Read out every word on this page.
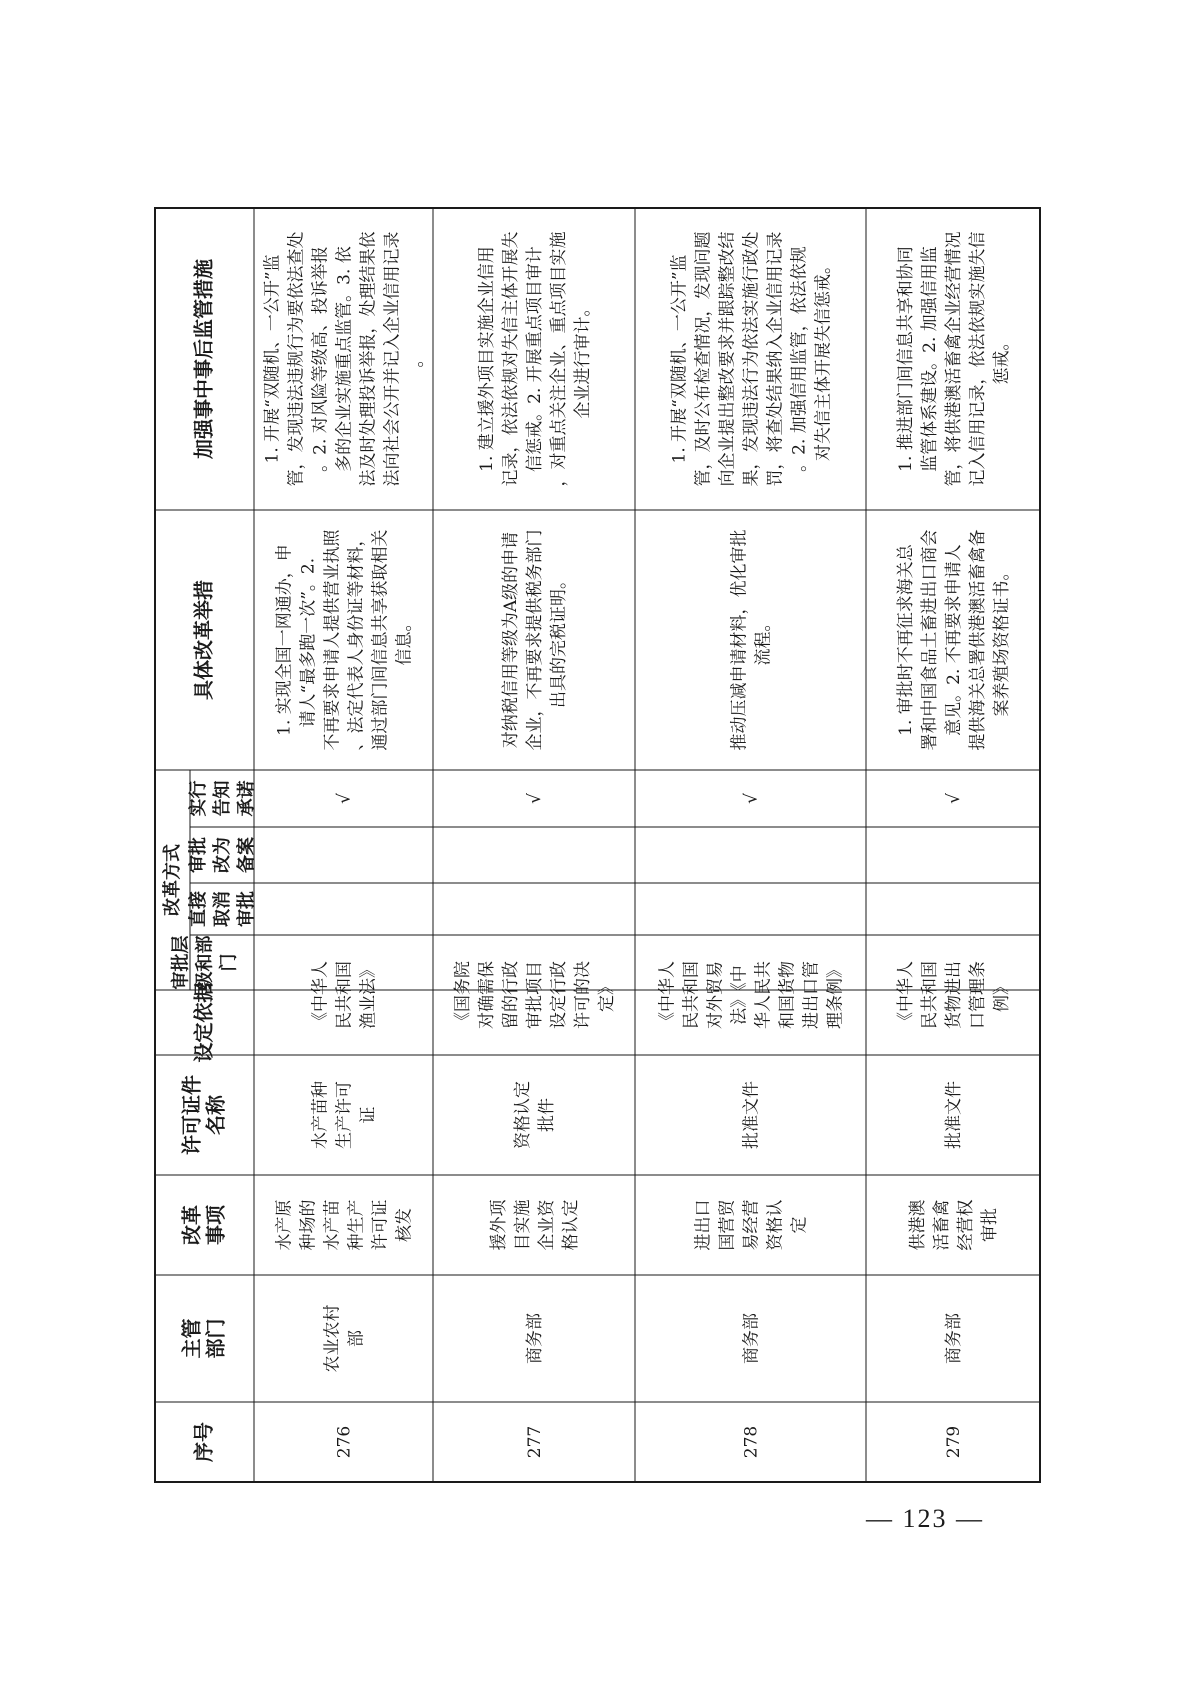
序号
主管部门
改革事项
许可证件名称
设定依据
审批层 级和部 门
改革方式 直接 取消 审批
审批 改为 备案
实行 告知 承诺
具体改革举措
加强事中事后监管措施
276
农业农村 部
水产原 种场的 水产苗 种生产 许可证 核发
水产苗种 生产许可 证
《中华人 民共和国 渔业法》
√
1. 实现全国一网通办，申 请人“最多跑一次”。2. 不再要求申请人提供营业执照 、法定代表人身份证等材料， 通过部门间信息共享获取相关 信息。
1. 开展“双随机、一公开”监 管，发现违法违规行为要依法查处 。2. 对风险等级高、投诉举报 多的企业实施重点监管。3. 依 法及时处理投诉举报，处理结果依 法向社会公开并记入企业信用记录 。
277
商务部
援外项 目实施 企业资 格认定
资格认定 批件
《国务院 对确需保 留的行政 审批项目 设定行政 许可的决 定》
√
对纳税信用等级为A级的申请 企业，不再要求提供税务部门 出具的完税证明。
1. 建立援外项目实施企业信用 记录，依法依规对失信主体开展失 信惩戒。2. 开展重点项目审计 ，对重点关注企业、重点项目实施 企业进行审计。
278
商务部
进出口 国营贸 易经营 资格认 定
批准文件
《中华人 民共和国 对外贸易 法》《中 华人民共 和国货物 进出口管 理条例》
√
推动压减申请材料，优化审批 流程。
1. 开展“双随机、一公开”监 管，及时公布检查情况，发现问题 向企业提出整改要求并跟踪整改结 果，发现违法行为依法实施行政处 罚，将查处结果纳入企业信用记录 。2. 加强信用监管，依法依规 对失信主体开展失信惩戒。
279
商务部
供港澳 活畜禽 经营权 审批
批准文件
《中华人 民共和国 货物进出 口管理条 例》
√
1. 审批时不再征求海关总 署和中国食品土畜进出口商会 意见。2. 不再要求申请人 提供海关总署供港澳活畜禽备 案养殖场资格证书。
1. 推进部门间信息共享和协同 监管体系建设。2. 加强信用监 管，将供港澳活畜禽企业经营情况 记入信用记录，依法依规实施失信 惩戒。
— 123 —
